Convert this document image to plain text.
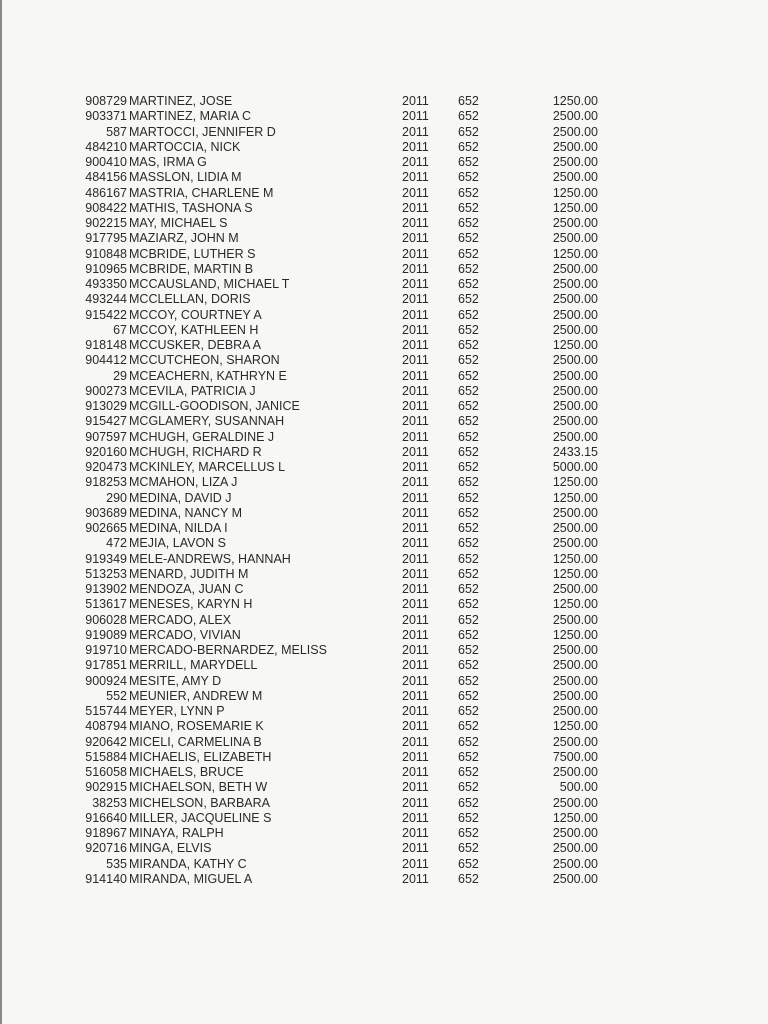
908729 MARTINEZ, JOSE	2011 652	1250.00
903371 MARTINEZ, MARIA C	2011 652	2500.00
587 MARTOCCI, JENNIFER D	2011 652	2500.00
484210 MARTOCCIA, NICK	2011 652	2500.00
900410 MAS, IRMA G	2011 652	2500.00
484156 MASSLON, LIDIA M	2011 652	2500.00
486167 MASTRIA, CHARLENE M	2011 652	1250.00
908422 MATHIS, TASHONA S	2011 652	1250.00
902215 MAY, MICHAEL S	2011 652	2500.00
917795 MAZIARZ, JOHN M	2011 652	2500.00
910848 MCBRIDE, LUTHER S	2011 652	1250.00
910965 MCBRIDE, MARTIN B	2011 652	2500.00
493350 MCCAUSLAND, MICHAEL T	2011 652	2500.00
493244 MCCLELLAN, DORIS	2011 652	2500.00
915422 MCCOY, COURTNEY A	2011 652	2500.00
67 MCCOY, KATHLEEN H	2011 652	2500.00
918148 MCCUSKER, DEBRA A	2011 652	1250.00
904412 MCCUTCHEON, SHARON	2011 652	2500.00
29 MCEACHERN, KATHRYN E	2011 652	2500.00
900273 MCEVILA, PATRICIA J	2011 652	2500.00
913029 MCGILL-GOODISON, JANICE	2011 652	2500.00
915427 MCGLAMERY, SUSANNAH	2011 652	2500.00
907597 MCHUGH, GERALDINE J	2011 652	2500.00
920160 MCHUGH, RICHARD R	2011 652	2433.15
920473 MCKINLEY, MARCELLUS L	2011 652	5000.00
918253 MCMAHON, LIZA J	2011 652	1250.00
290 MEDINA, DAVID J	2011 652	1250.00
903689 MEDINA, NANCY M	2011 652	2500.00
902665 MEDINA, NILDA I	2011 652	2500.00
472 MEJIA, LAVON S	2011 652	2500.00
919349 MELE-ANDREWS, HANNAH	2011 652	1250.00
513253 MENARD, JUDITH M	2011 652	1250.00
913902 MENDOZA, JUAN C	2011 652	2500.00
513617 MENESES, KARYN H	2011 652	1250.00
906028 MERCADO, ALEX	2011 652	2500.00
919089 MERCADO, VIVIAN	2011 652	1250.00
919710 MERCADO-BERNARDEZ, MELISS	2011 652	2500.00
917851 MERRILL, MARYDELL	2011 652	2500.00
900924 MESITE, AMY D	2011 652	2500.00
552 MEUNIER, ANDREW M	2011 652	2500.00
515744 MEYER, LYNN P	2011 652	2500.00
408794 MIANO, ROSEMARIE K	2011 652	1250.00
920642 MICELI, CARMELINA B	2011 652	2500.00
515884 MICHAELIS, ELIZABETH	2011 652	7500.00
516058 MICHAELS, BRUCE	2011 652	2500.00
902915 MICHAELSON, BETH W	2011 652	500.00
38253 MICHELSON, BARBARA	2011 652	2500.00
916640 MILLER, JACQUELINE S	2011 652	1250.00
918967 MINAYA, RALPH	2011 652	2500.00
920716 MINGA, ELVIS	2011 652	2500.00
535 MIRANDA, KATHY C	2011 652	2500.00
914140 MIRANDA, MIGUEL A	2011 652	2500.00
